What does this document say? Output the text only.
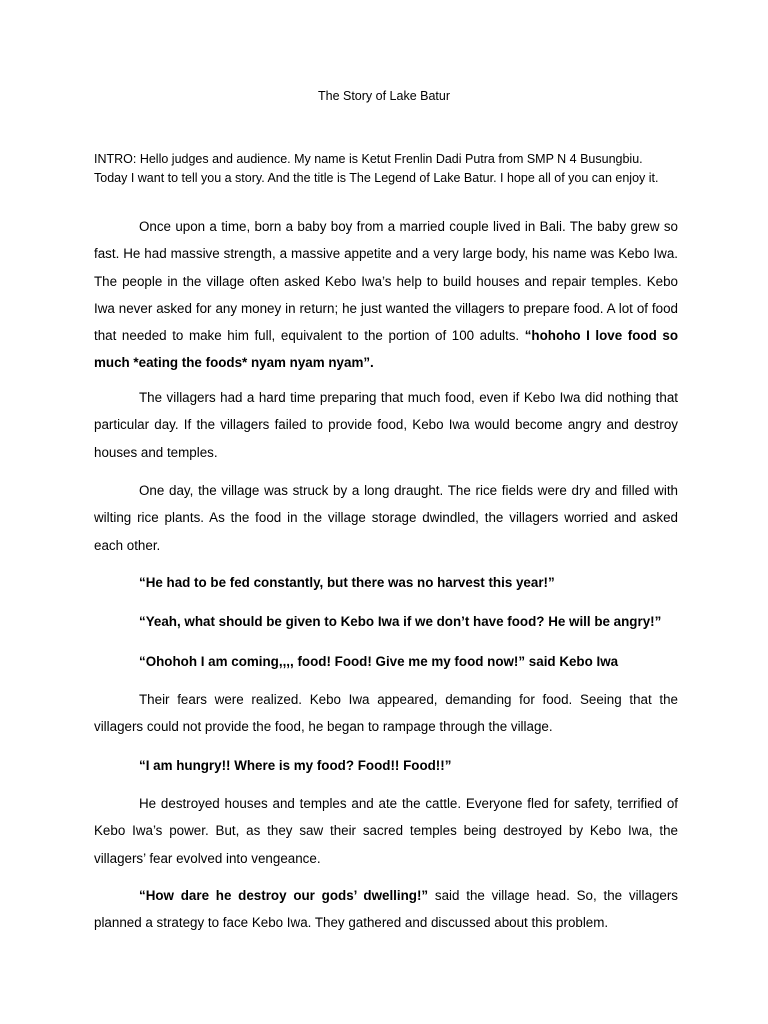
The Story of Lake Batur
INTRO: Hello judges and audience. My name is Ketut Frenlin Dadi Putra from SMP N 4 Busungbiu. Today I want to tell you a story. And the title is The Legend of Lake Batur. I hope all of you can enjoy it.

Once upon a time, born a baby boy from a married couple lived in Bali. The baby grew so fast. He had massive strength, a massive appetite and a very large body, his name was Kebo Iwa. The people in the village often asked Kebo Iwa’s help to build houses and repair temples. Kebo Iwa never asked for any money in return; he just wanted the villagers to prepare food. A lot of food that needed to make him full, equivalent to the portion of 100 adults. “hohoho I love food so much *eating the foods* nyam nyam nyam”.

The villagers had a hard time preparing that much food, even if Kebo Iwa did nothing that particular day. If the villagers failed to provide food, Kebo Iwa would become angry and destroy houses and temples.

One day, the village was struck by a long draught. The rice fields were dry and filled with wilting rice plants. As the food in the village storage dwindled, the villagers worried and asked each other.

“He had to be fed constantly, but there was no harvest this year!”

“Yeah, what should be given to Kebo Iwa if we don’t have food? He will be angry!”

“Ohohoh I am coming,,,, food! Food! Give me my food now!” said Kebo Iwa

Their fears were realized. Kebo Iwa appeared, demanding for food. Seeing that the villagers could not provide the food, he began to rampage through the village.

“I am hungry!! Where is my food? Food!! Food!!”

He destroyed houses and temples and ate the cattle. Everyone fled for safety, terrified of Kebo Iwa’s power. But, as they saw their sacred temples being destroyed by Kebo Iwa, the villagers’ fear evolved into vengeance.

“How dare he destroy our gods’ dwelling!” said the village head. So, the villagers planned a strategy to face Kebo Iwa. They gathered and discussed about this problem.
